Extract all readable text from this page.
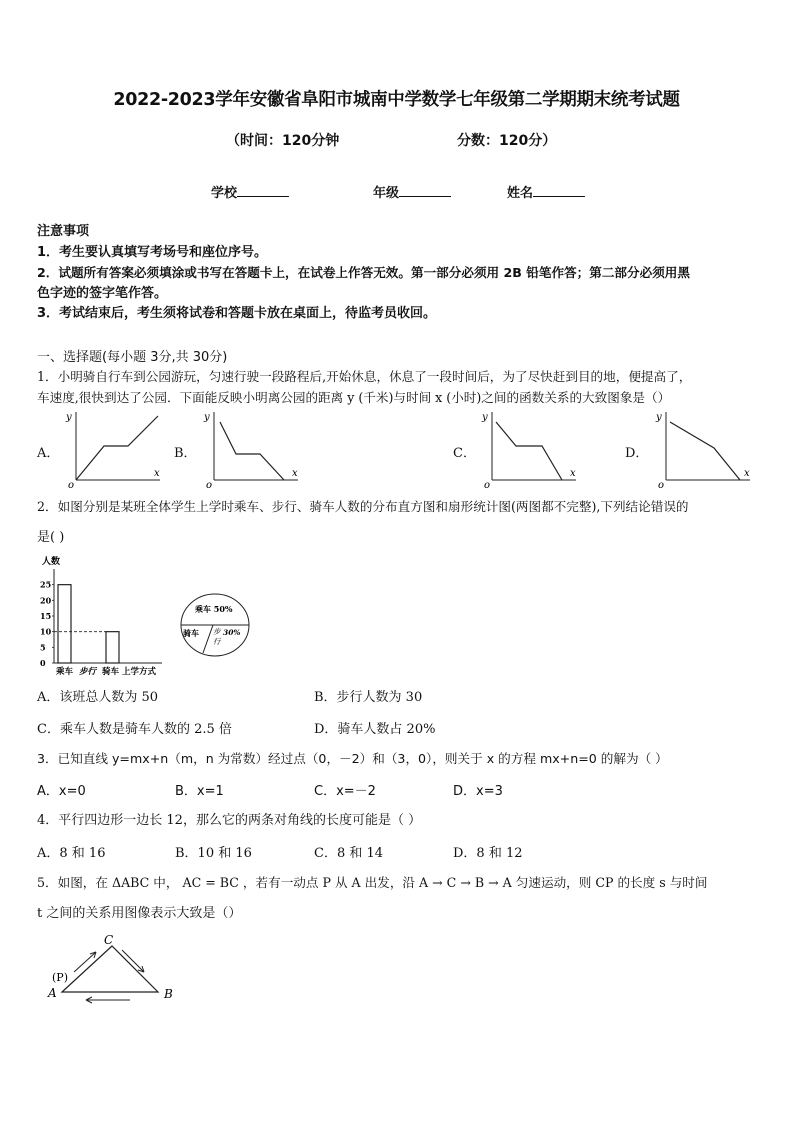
2022-2023学年安徽省阜阳市城南中学数学七年级第二学期期末统考试题
（时间：120分钟	分数：120分）
学校	年级	姓名
注意事项
1．考生要认真填写考场号和座位序号。
2．试题所有答案必须填涂或书写在答题卡上，在试卷上作答无效。第一部分必须用 2B 铅笔作答；第二部分必须用黑
色字迹的签字笔作答。
3．考试结束后，考生须将试卷和答题卡放在桌面上，待监考员收回。
一、选择题(每小题 3分,共 30分)
1．小明骑自行车到公园游玩，匀速行驶一段路程后,开始休息，休息了一段时间后，为了尽快赶到目的地，便提高了，
车速度,很快到达了公园．下面能反映小明离公园的距离 y (千米)与时间 x (小时)之间的函数关系的大致图象是（）
A．	B．	C．	D．
y
x
o
y
x
o
y
x
o
y
x
o
2．如图分别是某班全体学生上学时乘车、步行、骑车人数的分布直方图和扇形统计图(两图都不完整),下列结论错误的
是( )
人数
0
5
10
15
20
25
乘车 步行 骑车 上学方式
乘车 50%
骑车 步
行
30%
A．该班总人数为 50	B．步行人数为 30
C．乘车人数是骑车人数的 2.5 倍	D．骑车人数占 20%
3．已知直线 y=mx+n（m，n 为常数）经过点（0，－2）和（3，0），则关于 x 的方程 mx+n=0 的解为（ ）
A．x=0	B．x=1	C．x=－2	D．x=3
4．平行四边形一边长 12，那么它的两条对角线的长度可能是（ ）
A．8 和 16	B．10 和 16	C．8 和 14	D．8 和 12
5．如图，在 ΔABC 中， AC = BC ，若有一动点 P 从 A 出发，沿 A → C → B → A 匀速运动，则 CP 的长度 s 与时间
t 之间的关系用图像表示大致是（）
C
A	B
(P)
